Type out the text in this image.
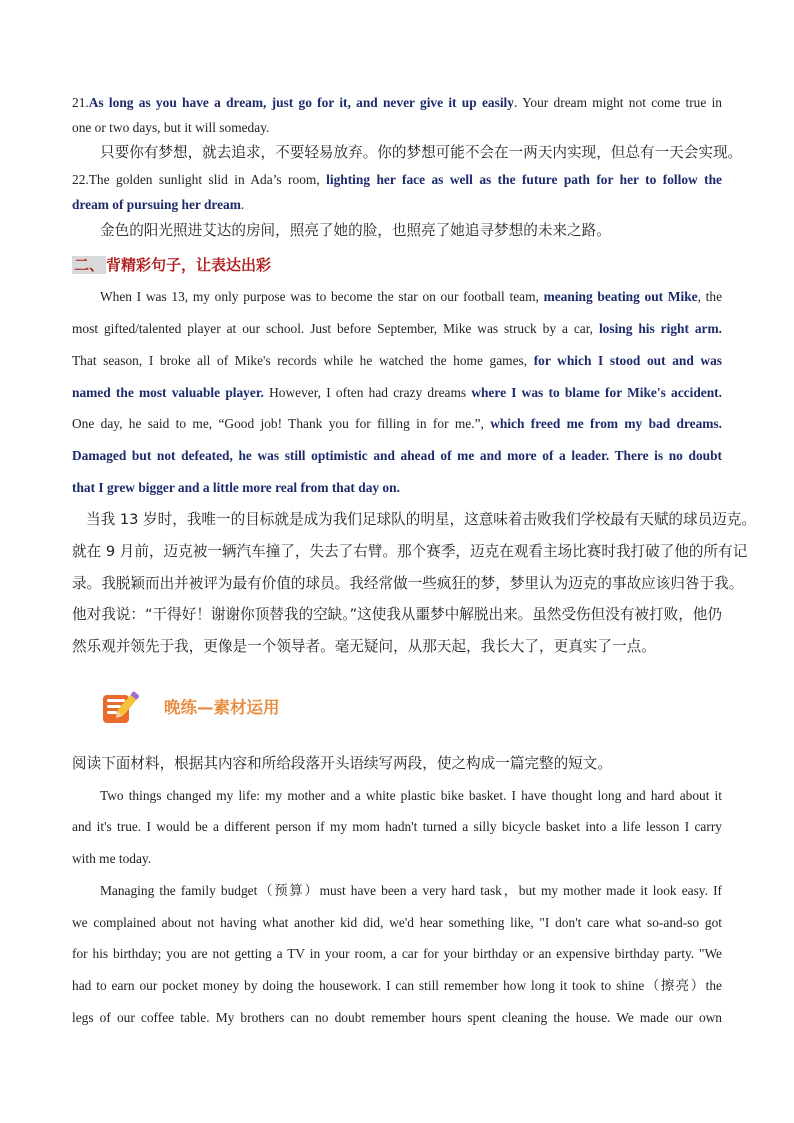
21.As long as you have a dream, just go for it, and never give it up easily. Your dream might not come true in
one or two days, but it will someday.
只要你有梦想，就去追求，不要轻易放弃。你的梦想可能不会在一两天内实现，但总有一天会实现。
22.The golden sunlight slid in Ada’s room, lighting her face as well as the future path for her to follow the
dream of pursuing her dream.
金色的阳光照进艾达的房间，照亮了她的脸，也照亮了她追寻梦想的未来之路。
二、 背精彩句子，让表达出彩
When I was 13, my only purpose was to become the star on our football team, meaning beating out Mike, the
most gifted/talented player at our school. Just before September, Mike was struck by a car, losing his right arm.
That season, I broke all of Mike's records while he watched the home games, for which I stood out and was
named the most valuable player. However, I often had crazy dreams where I was to blame for Mike's accident.
One day, he said to me, “Good job! Thank you for filling in for me.”, which freed me from my bad dreams.
Damaged but not defeated, he was still optimistic and ahead of me and more of a leader. There is no doubt
that I grew bigger and a little more real from that day on.
当我 13 岁时，我唯一的目标就是成为我们足球队的明星，这意味着击败我们学校最有天赋的球员迈克。
就在 9 月前，迈克被一辆汽车撞了，失去了右臂。那个赛季，迈克在观看主场比赛时我打破了他的所有记
录。我脱颖而出并被评为最有价值的球员。我经常做一些疯狂的梦，梦里认为迈克的事故应该归咎于我。
他对我说：“干得好！谢谢你顶替我的空缺。”这使我从噩梦中解脱出来。虽然受伤但没有被打败，他仍
然乐观并领先于我，更像是一个领导者。毫无疑问，从那天起，我长大了，更真实了一点。
晚练—素材运用
阅读下面材料，根据其内容和所给段落开头语续写两段，使之构成一篇完整的短文。
Two things changed my life: my mother and a white plastic bike basket. I have thought long and hard about it
and it's true. I would be a different person if my mom hadn't turned a silly bicycle basket into a life lesson I carry
with me today.
Managing the family budget（预算）must have been a very hard task，but my mother made it look easy. If
we complained about not having what another kid did, we'd hear something like, "I don't care what so-and-so got
for his birthday; you are not getting a TV in your room, a car for your birthday or an expensive birthday party. "We
had to earn our pocket money by doing the housework. I can still remember how long it took to shine（擦亮）the
legs of our coffee table. My brothers can no doubt remember hours spent cleaning the house. We made our own
